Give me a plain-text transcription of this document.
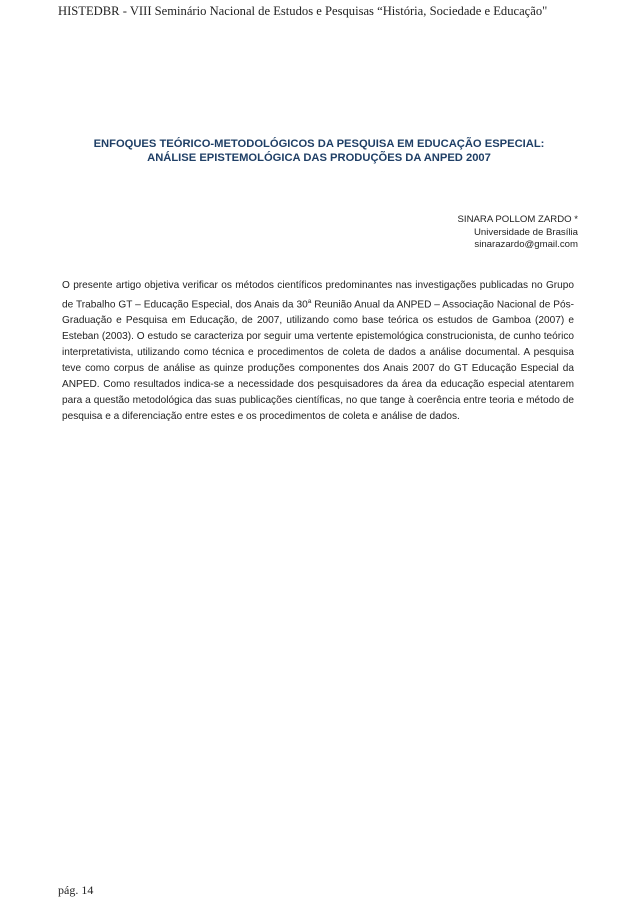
HISTEDBR - VIII Seminário Nacional de Estudos e Pesquisas “História, Sociedade e Educação"
ENFOQUES TEÓRICO-METODOLÓGICOS DA PESQUISA EM EDUCAÇÃO ESPECIAL:
ANÁLISE EPISTEMOLÓGICA DAS PRODUÇÕES DA ANPED 2007
SINARA POLLOM ZARDO *
Universidade de Brasília
sinarazardo@gmail.com
O presente artigo objetiva verificar os métodos científicos predominantes nas investigações publicadas no Grupo de Trabalho GT – Educação Especial, dos Anais da 30$^a$ Reunião Anual da ANPED – Associação Nacional de Pós-Graduação e Pesquisa em Educação, de 2007, utilizando como base teórica os estudos de Gamboa (2007) e Esteban (2003). O estudo se caracteriza por seguir uma vertente epistemológica construcionista, de cunho teórico interpretativista, utilizando como técnica e procedimentos de coleta de dados a análise documental. A pesquisa teve como corpus de análise as quinze produções componentes dos Anais 2007 do GT Educação Especial da ANPED. Como resultados indica-se a necessidade dos pesquisadores da área da educação especial atentarem para a questão metodológica das suas publicações científicas, no que tange à coerência entre teoria e método de pesquisa e a diferenciação entre estes e os procedimentos de coleta e análise de dados.
pág. 14
